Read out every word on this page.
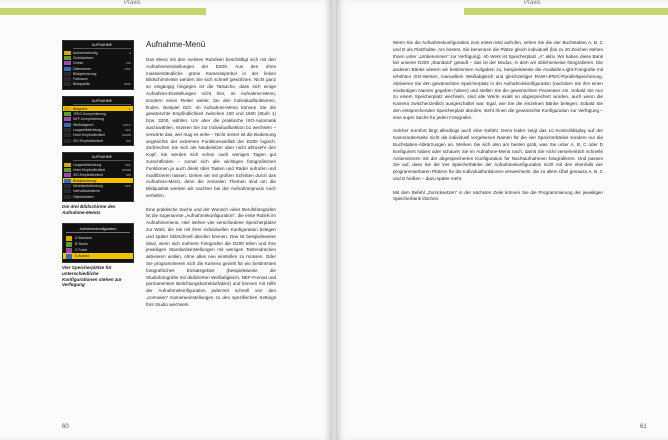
Praxis
AUFNAHME
Aufnahmekonfig.	A
Zurücksetzen
Ordner	100
Dateinamen	DSC
Bildoptimierung
Farbraum
Bildqualität	RAW
AUFNAHME
Bildgröße	L
JPEG-Komprimierung
NEF-Komprimierung
Weißabgleich	AUTO
Langzeitbelichtung	OFF
Hohe Empfindlichkeit	NORM
ISO-Empfindlichkeit	400
AUFNAHME
Langzeitbelichtung	OFF
Hohe Empfindlichkeit	NORM
ISO-Empfindlichkeit	400
Bildoptimierung
Mehrfachbelichtung	OFF
Intervallaufnahme
Objektivdaten
Die drei Bildschirme des Aufnahme-Menüs
Aufnahmekonfiguration
A Standard
B Studio
C Frank
D Andrea
Vier Speicherplätze für unterschiedliche Konfigurationen stehen zur Verfügung
Aufnahme-Menü

Das Menü mit den meisten Rubriken beschäftigt sich mit den Aufnahmeeinstellungen der D200. Aus den ohne massenständliche grüne Kameraspmbol in der linken Bildschirmleiste werden Sie sich schnell gewöhnen. Nicht ganz so eingängig hingegen ist die Tatsache, dass sich einige Aufnahme-Einstellungen nicht hier, im Aufnahme-Menü, sondern einen Reiter weiter, bei den Individualfunktionen, finden. Beispiel ISO: Im Aufnahme-Menü können Sie die gewünschte Empfindlichkeit zwischen 100 und 1600 (Stufe 1) bzw. 3200, wählen. Um aber die praktische ISO-Automatik auszuwählen, müssen Sie zur Individualfunktion b1 wechseln – verwirrte das, wer mag es sehe – Nicht immer ist die Bedienung angesichts der extremen Funktionsvielfalt der D200 logisch. Zerbrechen Sie sich als Neubesitzer aber nicht allzusehr den Kopf: Sie werden sich schon nach wenigen Tagen gut zurechtfinden – zumal sich alle wichtigen fotografischen Funktionen ja auch direkt über Tasten und Räder aufrufen und modifizieren lassen. Gehen wir mit großen Schritten durch das Aufnahme-Menü, denn die zentralen Themen sind um die Bildqualität werden wir nachher bei der Aufnahmepraxis noch vertiefen.

Eine praktische Sache und der Wunsch vieler Berufsfotografen ist die sogenannte „Aufnahmekonfiguration“, die erste Rubrik im Aufnahmemenü. Hier stehen vier verschiedene Speicherplätze zur Wahl, die Sie mit Ihrer individuellen Konfiguration belegen und später blitzschnell abrufen können. Das ist beispielsweise ideal, wenn sich mehrere Fotografen die D200 teilen und Ihre jeweiligen Standardeinstellungen mit wenigen Tastendrücken aktivieren wollen, ohne alles neu einstellen zu müssen. Oder Sie programmieren sich die Kamera gezielt für ein bestimmtes fotografisches Einsatzgebiet (beispielsweise die Studiofotografie mit dedizierten Weißabgleich, NEF-Format und permanentem Belichtungskorrekturfaktor) und können mit Hilfe der Aufnahmekonfiguration jederzeit schnell von den „normalen“ Kameraeinstellungen zu den spezifischen Settings fürs Studio wechseln.

60
Praxis

Wenn Sie die Aufnahmekonfiguration zum ersten Mal aufrufen, sehen Sie die vier Buchstaben A, B, C und D als Platzhalter. Am besten, Sie benennen die Plätze gleich individuell (bis zu 20 Zeichen stehen Ihnen unter „Umbenennen“ zur Verfügung). Ab Werk ist Speicherplatz „A“ aktiv. Wir haben diese Bank bei unserer D200 „Standard“ getauft – das ist der Modus, in dem wir üblicherweise fotografieren. Die anderen Bänke wiesen wir bestimmten Aufgaben zu, beispielsweise die Available-Light-Fotografie mit erhöhten ISO-Werten, manuellem Weißabgleich und gleichzeitiger RAW+JPEG-Parallelspeicherung. Aktivieren Sie den gewünschten Speicherplatz in der Aufnahmekonfiguration (nachdem Sie ihm einen eindeutigen Namen gegeben haben) und stellen Sie die gewünschten Parameter ein. Sobald Sie nun zu einem Speicherplatz wechseln, sind alle Werte exakt so abgespeichert worden, auch wenn die Kamera zwischenzeitlich ausgeschaltet war. Egal, wie Sie die einzelnen Bänke belegen: Sobald Sie den entsprechenden Speicherplatz abrufen, steht Ihnen die gewünschte Konfiguration zur Verfügung – eine super Sache für jeden Fotografen.

Solcher Komfort birgt allerdings auch eine Gefahr. Denn leider zeigt das LC-Kontrolldisplay auf der Kameraoberseite nicht die individuell vergebenen Namen für die vier Speicherbänke sondern nur die Buchstaben-Abkürzungen an. Merken Sie sich also am besten grob, was Sie unter A, B, C oder D konfiguriert haben oder schauen Sie im Aufnahme-Menü nach, damit Sie nicht versehentlich schnelle Actionszenen mit der abgespeicherten Konfiguration für Nachtaufnahmen fotografieren. Und passen Sie auf, dass Sie die vier Speicherbänke der Aufnahmekonfiguration nicht mit den ebenfalls vier programmierbaren Plätzen für die Individualfunktionen verwechseln, die zu allem Übel genauso A, B, C und D heißen – dazu später mehr.

Mit dem Befehl „Zurücksetzen“ in der nächsten Zeile können Sie die Programmierung der jeweiligen Speicherbank löschen.

61
